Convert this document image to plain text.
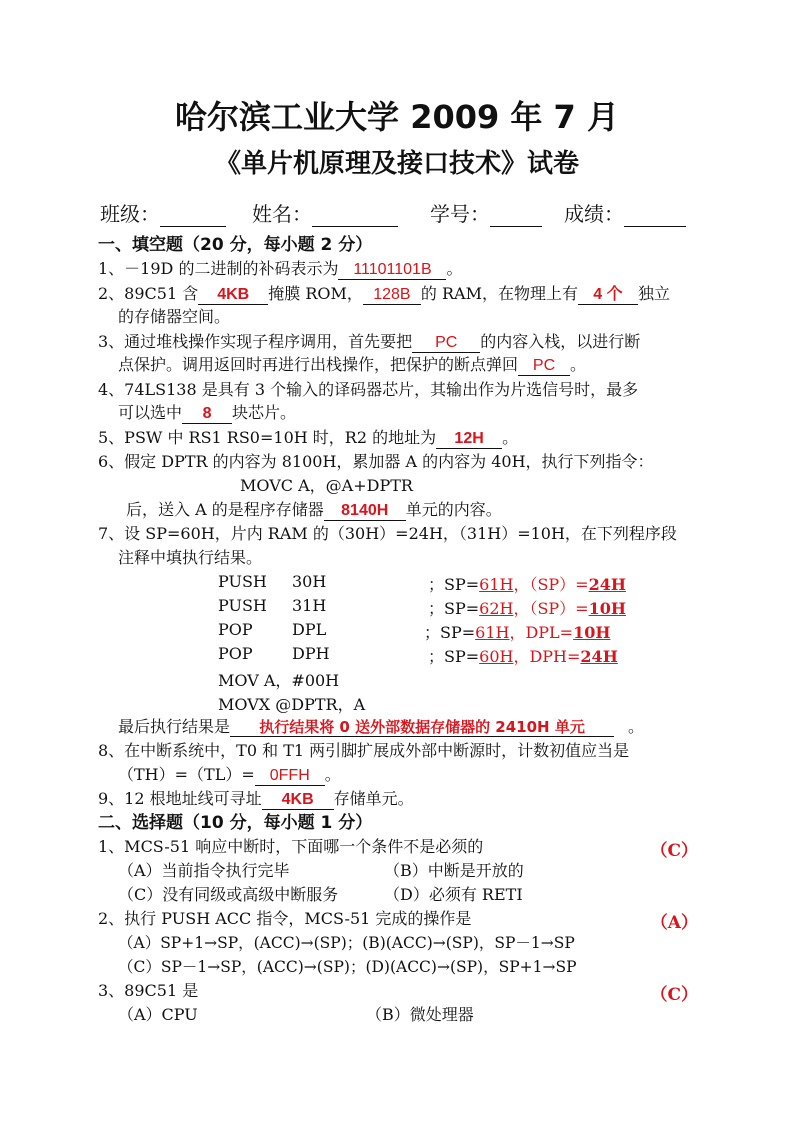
哈尔滨工业大学 2009 年 7 月
《单片机原理及接口技术》试卷
班级：	姓名：	学号：	成绩：
一、填空题（20 分，每小题 2 分）
1、－19D 的二进制的补码表示为 11101101B 。
2、89C51 含 4KB 掩膜 ROM， 128B 的 RAM，在物理上有 4 个 独立
的存储器空间。
3、通过堆栈操作实现子程序调用，首先要把 PC 的内容入栈，以进行断
点保护。调用返回时再进行出栈操作，把保护的断点弹回 PC 。
4、74LS138 是具有 3 个输入的译码器芯片，其输出作为片选信号时，最多
可以选中 8 块芯片。
5、PSW 中 RS1 RS0=10H 时，R2 的地址为 12H 。
6、假定 DPTR 的内容为 8100H，累加器 A 的内容为 40H，执行下列指令：
MOVC A，@A+DPTR
后，送入 A 的是程序存储器 8140H 单元的内容。
7、设 SP=60H，片内 RAM 的（30H）=24H，（31H）=10H，在下列程序段
注释中填执行结果。
PUSH 30H	；SP=61H，（SP）=24H
PUSH 31H	；SP=62H，（SP）=10H
POP DPL	；SP=61H，DPL=10H
POP DPH	；SP=60H，DPH=24H
MOV A，#00H
MOVX @DPTR，A
最后执行结果是 执行结果将 0 送外部数据存储器的 2410H 单元	。
8、在中断系统中，T0 和 T1 两引脚扩展成外部中断源时，计数初值应当是
（TH）=（TL）= 0FFH 。
9、12 根地址线可寻址 4KB 存储单元。
二、选择题（10 分，每小题 1 分）
1、MCS-51 响应中断时，下面哪一个条件不是必须的	（C）
（A）当前指令执行完毕	（B）中断是开放的
（C）没有同级或高级中断服务	（D）必须有 RETI
2、执行 PUSH ACC 指令，MCS-51 完成的操作是	（A）
（A）SP+1→SP，(ACC)→(SP)；(B)(ACC)→(SP)，SP－1→SP
（C）SP－1→SP，(ACC)→(SP)；(D)(ACC)→(SP)，SP+1→SP
3、89C51 是	（C）
（A）CPU	（B）微处理器
